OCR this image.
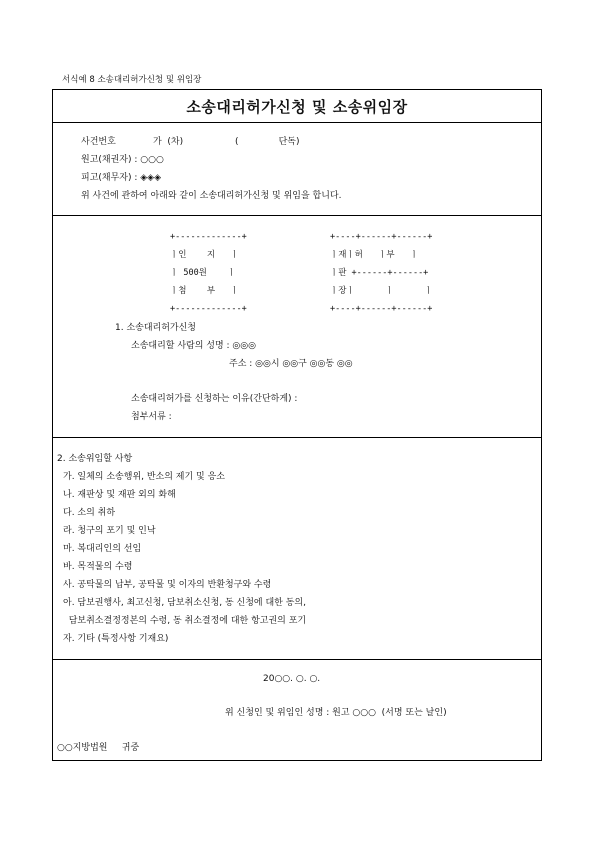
서식예 8 소송대리허가신청 및 위임장
소송대리허가신청 및 소송위임장
사건번호	가  (차)	(              단독)
원고(채권자) : ○○○
피고(채무자) : ◈◈◈
위 사건에 관하여 아래와 같이 소송대리허가신청 및 위임을 합니다.
+-------------+
ㅣ인    지   ㅣ
ㅣ 500원    ㅣ
ㅣ첨    부   ㅣ
+-------------+
+----+------+------+
ㅣ재ㅣ허   ㅣ부   ㅣ
ㅣ판 +------+------+
ㅣ장ㅣ      ㅣ      ㅣ
+----+------+------+
1. 소송대리허가신청
소송대리할 사람의 성명 : ◎◎◎
주소 : ◎◎시 ◎◎구 ◎◎동 ◎◎
소송대리허가를 신청하는 이유(간단하게) :
첨부서류 :
2. 소송위임할 사항
가. 일체의 소송행위, 반소의 제기 및 응소
나. 재판상 및 재판 외의 화해
다. 소의 취하
라. 청구의 포기 및 인낙
마. 복대리인의 선임
바. 목적물의 수령
사. 공탁물의 납부, 공탁물 및 이자의 반환청구와 수령
아. 담보권행사, 최고신청, 담보취소신청, 동 신청에 대한 동의,
담보취소결정정본의 수령, 동 취소결정에 대한 항고권의 포기
자. 기타 (특정사항 기재요)
20○○. ○. ○.
위 신청인 및 위임인 성명 : 원고 ○○○  (서명 또는 날인)
○○지방법원     귀중
